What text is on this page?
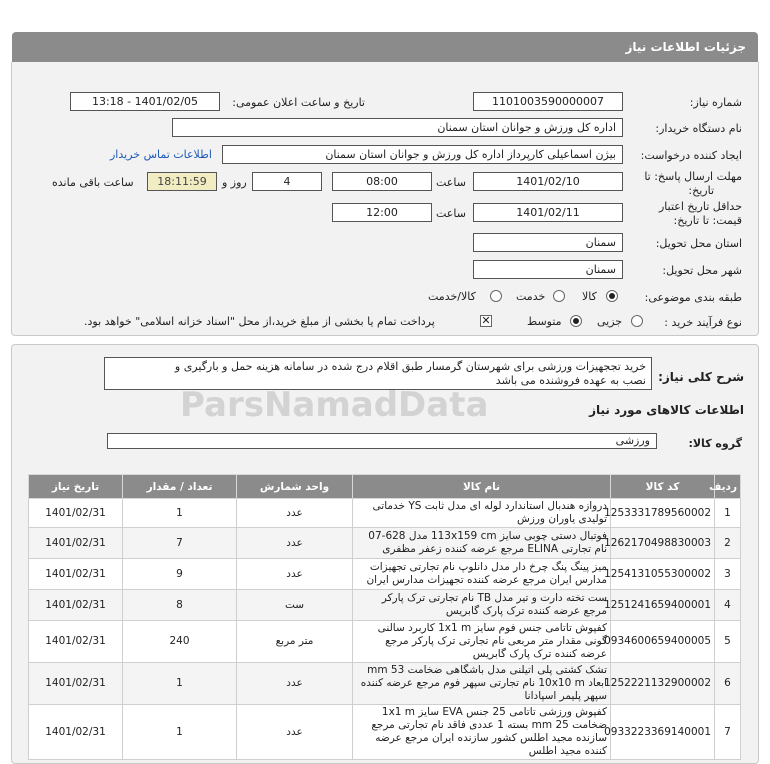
جزئیات اطلاعات نیاز
شماره نیاز:
1101003590000007
تاریخ و ساعت اعلان عمومی:
1401/02/05 - 13:18
نام دستگاه خریدار:
اداره کل ورزش و جوانان استان سمنان
ایجاد کننده درخواست:
بیژن اسماعیلی کارپرداز اداره کل ورزش و جوانان استان سمنان
اطلاعات تماس خریدار
مهلت ارسال پاسخ: تا
تاریخ:
1401/02/10
ساعت
08:00
4
روز و
18:11:59
ساعت باقی مانده
حداقل تاریخ اعتبار
قیمت: تا تاریخ:
1401/02/11
ساعت
12:00
استان محل تحویل:
سمنان
شهر محل تحویل:
سمنان
طبقه بندی موضوعی:
کالا
خدمت
کالا/خدمت
نوع فرآیند خرید :
جزیی
متوسط
✕
پرداخت تمام یا بخشی از مبلغ خرید،از محل "اسناد خزانه اسلامی" خواهد بود.
شرح کلی نیاز:
خرید تججهیزات ورزشی برای شهرستان گرمسار طبق اقلام درج شده در سامانه هزینه حمل و بارگیری و
نصب به عهده فروشنده می باشد
ParsNamadData	اطلاعات کالاهای مورد نیاز
گروه کالا:
ورزشی
ردیف	کد کالا	نام کالا	واحد شمارش	تعداد / مقدار	تاریخ نیاز
1	1253331789560002	دروازه هندبال استاندارد لوله ای مدل ثابت YS خدماتی تولیدی یاوران ورزش	عدد	1	1401/02/31
2	1262170498830003	فوتبال دستی چوبی سایز 113x159 cm مدل 628-07 نام تجارتی ELINA مرجع عرضه کننده زعفر مظفری	عدد	7	1401/02/31
3	1254131055300002	میز پینگ پنگ چرخ دار مدل دانلوپ نام تجارتی تجهیزات مدارس ایران مرجع عرضه کننده تجهیزات مدارس ایران	عدد	9	1401/02/31
4	1251241659400001	ست تخته دارت و تیر مدل TB نام تجارتی ترک پارکر مرجع عرضه کننده ترک پارک گابریس	ست	8	1401/02/31
5	0934600659400005	کفپوش تاتامی جنس فوم سایز 1x1 m کاربرد سالنی گونی مقدار متر مربعی نام تجارتی ترک پارکر مرجع عرضه کننده ترک پارک گابریس	متر مربع	240	1401/02/31
6	1252221132900002	تشک کشتی پلی اتیلنی مدل باشگاهی ضخامت 53 mm ابعاد 10x10 m نام تجارتی سپهر فوم مرجع عرضه کننده سپهر پلیمر اسپادانا	عدد	1	1401/02/31
7	0933223369140001	کفپوش ورزشی تاتامی 25 جنس EVA سایز 1x1 m ضخامت 25 mm بسته 1 عددی فاقد نام تجارتی مرجع سازنده مجید اطلس کشور سازنده ایران مرجع عرضه کننده مجید اطلس	عدد	1	1401/02/31
